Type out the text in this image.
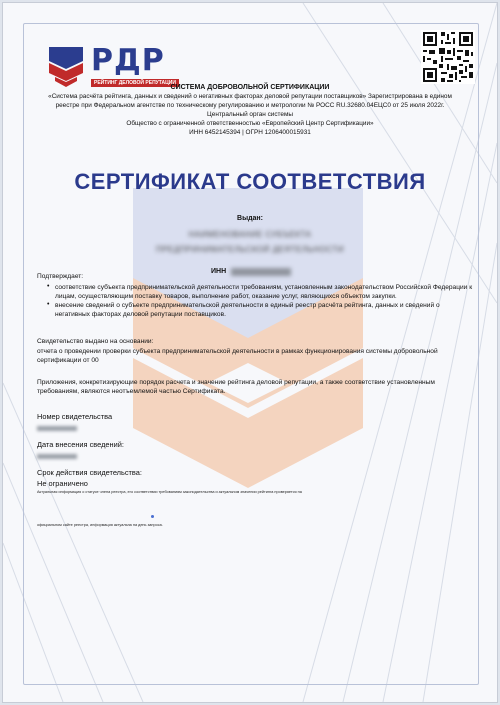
РДР
РЕЙТИНГ ДЕЛОВОЙ РЕПУТАЦИИ
СИСТЕМА ДОБРОВОЛЬНОЙ СЕРТИФИКАЦИИ
«Система расчёта рейтинга, данных и сведений о негативных факторах деловой репутации поставщиков» Зарегистрирована в едином
реестре при Федеральном агентстве по техническому регулированию и метрологии № РОСС RU.32680.04ЕЦС0 от 25 июля 2022г.
Центральный орган системы
Общество с ограниченной ответственностью «Европейский Центр Сертификации»
ИНН 6452145394 | ОГРН 1206400015931
СЕРТИФИКАТ СООТВЕТСТВИЯ
Выдан:
НАИМЕНОВАНИЕ СУБЪЕКТА
ПРЕДПРИНИМАТЕЛЬСКОЙ ДЕЯТЕЛЬНОСТИ
ИНН
Подтверждает:
• соответствие субъекта предпринимательской деятельности требованиям, установленным законодательством Российской Федерации к лицам, осуществляющим поставку товаров, выполнение работ, оказание услуг, являющихся объектом закупки.
• внесение сведений о субъекте предпринимательской деятельности в единый реестр расчёта рейтинга, данных и сведений о негативных факторах деловой репутации поставщиков.
Свидетельство выдано на основании:
отчета о проведении проверки субъекта предпринимательской деятельности в рамках функционирования системы добровольной сертификации от 00
Приложения, конкретизирующие порядок расчета и значение рейтинга деловой репутации, а также соответствие установленным требованиям, являются неотъемлемой частью Сертификата.
Номер свидетельства
Дата внесения сведений:
Срок действия свидетельства:
Не ограничено
Актуальная информация о статусе члена реестра, его соответствии требованиям законодательства и актуальном значении рейтинга проверяется на
официальном сайте реестра, информация актуальна на день запроса.
